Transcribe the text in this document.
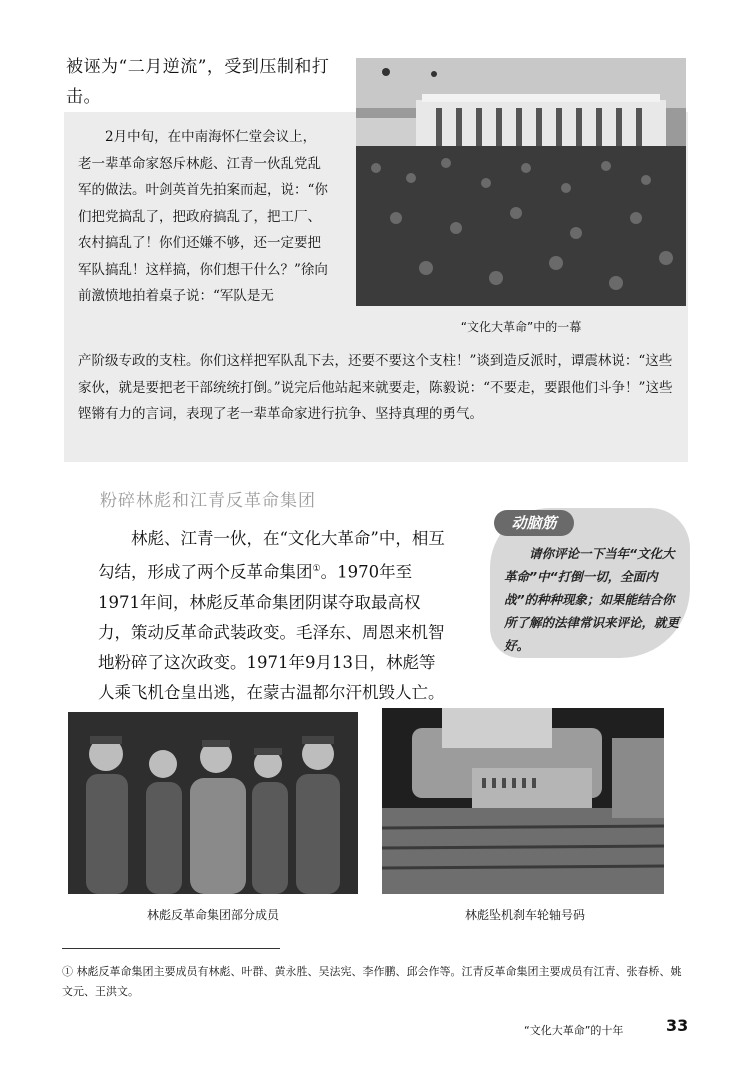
被诬为“二月逆流”，受到压制和打击。
2月中旬，在中南海怀仁堂会议上，老一辈革命家怒斥林彪、江青一伙乱党乱军的做法。叶剑英首先拍案而起，说：“你们把党搞乱了，把政府搞乱了，把工厂、农村搞乱了！你们还嫌不够，还一定要把军队搞乱！这样搞，你们想干什么？”徐向前激愤地拍着桌子说：“军队是无
产阶级专政的支柱。你们这样把军队乱下去，还要不要这个支柱！”谈到造反派时，谭震林说：“这些家伙，就是要把老干部统统打倒。”说完后他站起来就要走，陈毅说：“不要走，要跟他们斗争！”这些铿锵有力的言词，表现了老一辈革命家进行抗争、坚持真理的勇气。
“文化大革命”中的一幕
粉碎林彪和江青反革命集团
林彪、江青一伙，在“文化大革命”中，相互勾结，形成了两个反革命集团①。1970年至1971年间，林彪反革命集团阴谋夺取最高权力，策动反革命武装政变。毛泽东、周恩来机智地粉碎了这次政变。1971年9月13日，林彪等人乘飞机仓皇出逃，在蒙古温都尔汗机毁人亡。
动脑筋
请你评论一下当年“文化大革命”中“打倒一切，全面内战”的种种现象；如果能结合你所了解的法律常识来评论，就更好。
林彪反革命集团部分成员	林彪坠机刹车轮轴号码
① 林彪反革命集团主要成员有林彪、叶群、黄永胜、吴法宪、李作鹏、邱会作等。江青反革命集团主要成员有江青、张春桥、姚文元、王洪文。
“文化大革命”的十年	33
